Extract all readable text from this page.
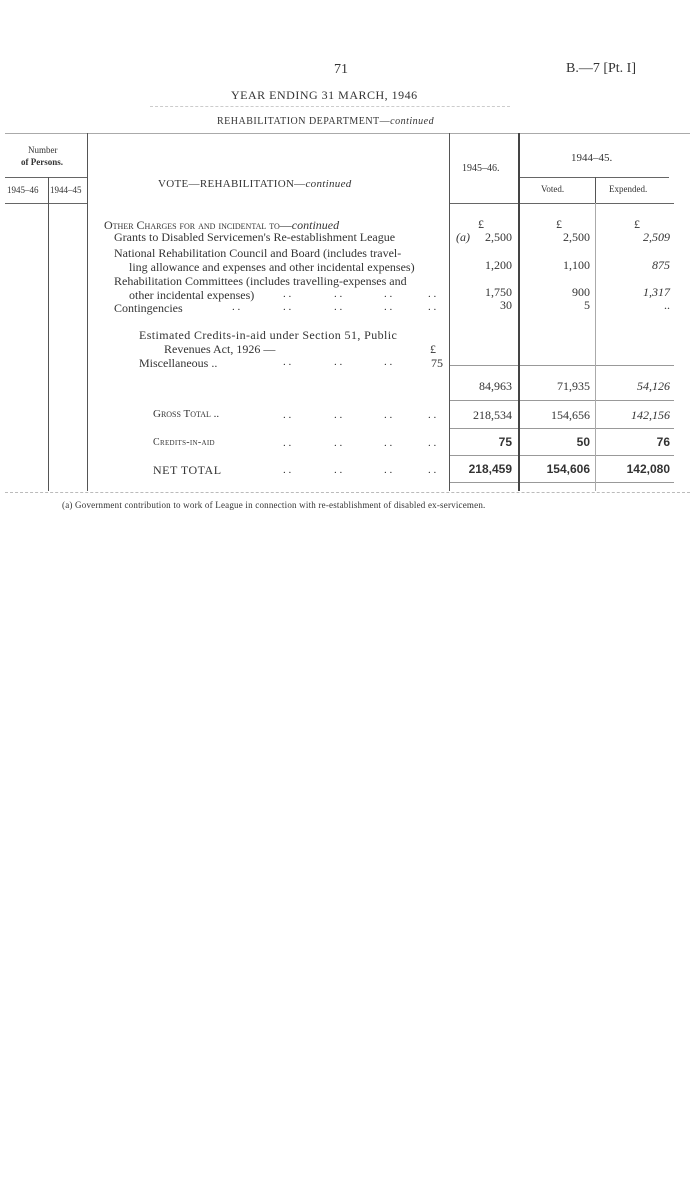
71	B.—7 [Pt. I]
YEAR ENDING 31 MARCH, 1946
REHABILITATION DEPARTMENT—continued
Number
of Persons.
1945–46 1944–45	VOTE—REHABILITATION—continued
1945–46.
1944–45.
Voted.	Expended.
Other Charges for and incidental to—continued	£	£	£
Grants to Disabled Servicemen's Re-establishment League	(a) 2,500	2,500	2,509
National Rehabilitation Council and Board (includes travel-
ling allowance and expenses and other incidental expenses)	1,200	1,100	875
Rehabilitation Committees (includes travelling-expenses and
other incidental expenses)	. .	. .	. .	. .	1,750	900	1,317
Contingencies	. .	. .	. .	. .	. .	30	5	..
Estimated Credits-in-aid under Section 51, Public
Revenues Act, 1926 —	£
Miscellaneous ..	. .	. .	. .	75
84,963	71,935	54,126
Gross Total ..	. .	. .	. .	. .	218,534	154,656	142,156
Credits-in-aid	. .	. .	. .	. .	75	50	76
NET TOTAL	. .	. .	. .	. .	218,459	154,606	142,080
(a) Government contribution to work of League in connection with re-establishment of disabled ex-servicemen.
